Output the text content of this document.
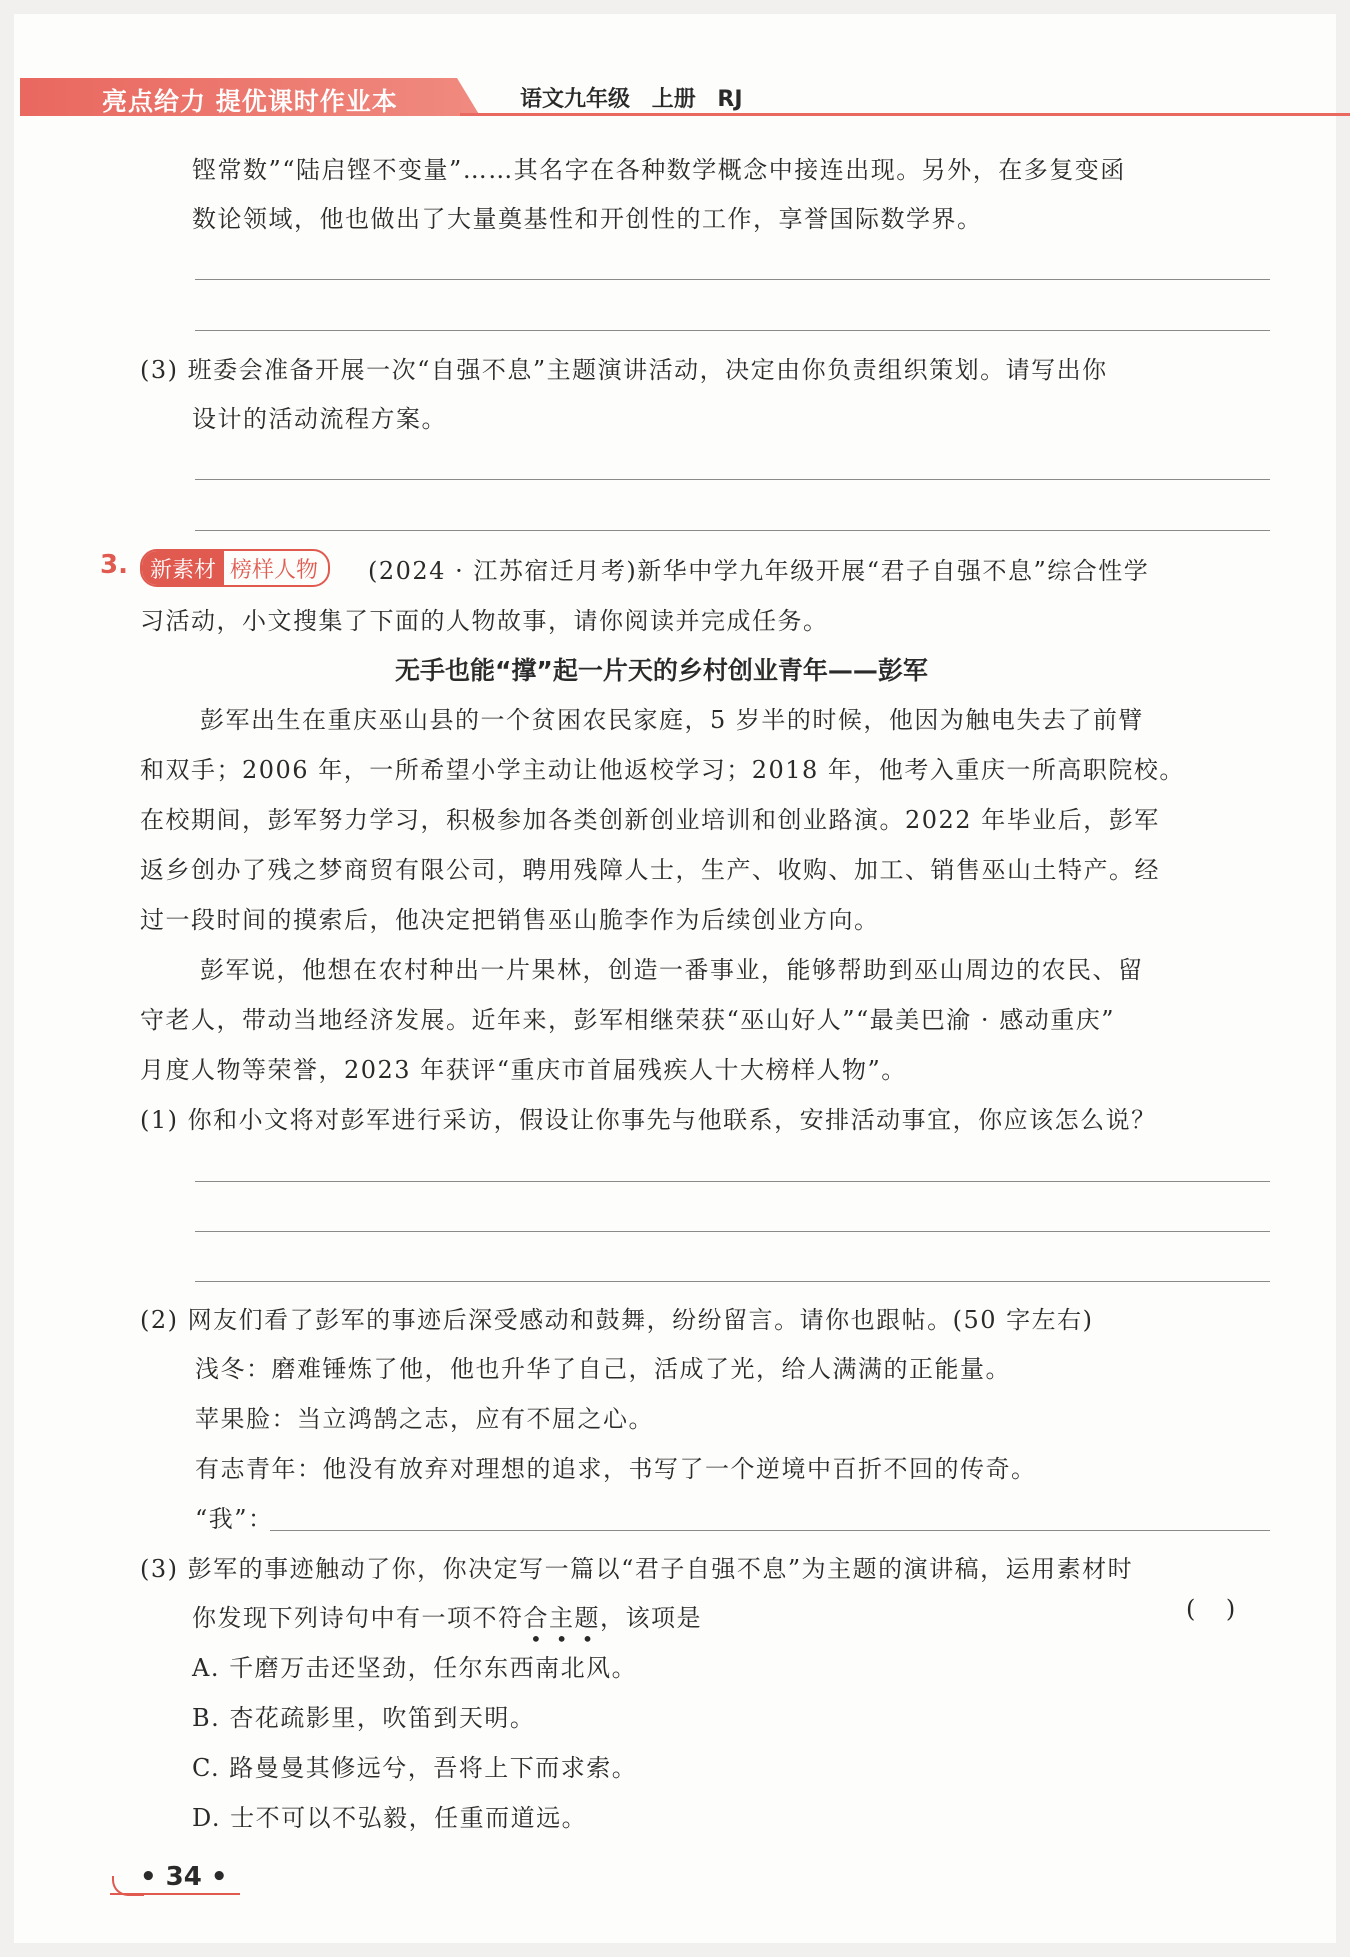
亮点给力 提优课时作业本	语文九年级 上册 RJ
铿常数”“陆启铿不变量”……其名字在各种数学概念中接连出现。另外，在多复变函
数论领域，他也做出了大量奠基性和开创性的工作，享誉国际数学界。
(3) 班委会准备开展一次“自强不息”主题演讲活动，决定由你负责组织策划。请写出你
设计的活动流程方案。
3.	新素材 榜样人物	(2024 · 江苏宿迁月考)新华中学九年级开展“君子自强不息”综合性学
习活动，小文搜集了下面的人物故事，请你阅读并完成任务。
无手也能“撑”起一片天的乡村创业青年——彭军
彭军出生在重庆巫山县的一个贫困农民家庭，5 岁半的时候，他因为触电失去了前臂
和双手；2006 年，一所希望小学主动让他返校学习；2018 年，他考入重庆一所高职院校。
在校期间，彭军努力学习，积极参加各类创新创业培训和创业路演。2022 年毕业后，彭军
返乡创办了残之梦商贸有限公司，聘用残障人士，生产、收购、加工、销售巫山土特产。经
过一段时间的摸索后，他决定把销售巫山脆李作为后续创业方向。
彭军说，他想在农村种出一片果林，创造一番事业，能够帮助到巫山周边的农民、留
守老人，带动当地经济发展。近年来，彭军相继荣获“巫山好人”“最美巴渝 · 感动重庆”
月度人物等荣誉，2023 年获评“重庆市首届残疾人十大榜样人物”。
(1) 你和小文将对彭军进行采访，假设让你事先与他联系，安排活动事宜，你应该怎么说？
(2) 网友们看了彭军的事迹后深受感动和鼓舞，纷纷留言。请你也跟帖。(50 字左右)
浅冬：磨难锤炼了他，他也升华了自己，活成了光，给人满满的正能量。
苹果脸：当立鸿鹄之志，应有不屈之心。
有志青年：他没有放弃对理想的追求，书写了一个逆境中百折不回的传奇。
“我”：
(3) 彭军的事迹触动了你，你决定写一篇以“君子自强不息”为主题的演讲稿，运用素材时
你发现下列诗句中有一项不符合主题，该项是
•••
(    )
A. 千磨万击还坚劲，任尔东西南北风。
B. 杏花疏影里，吹笛到天明。
C. 路曼曼其修远兮，吾将上下而求索。
D. 士不可以不弘毅，任重而道远。
• 34 •
